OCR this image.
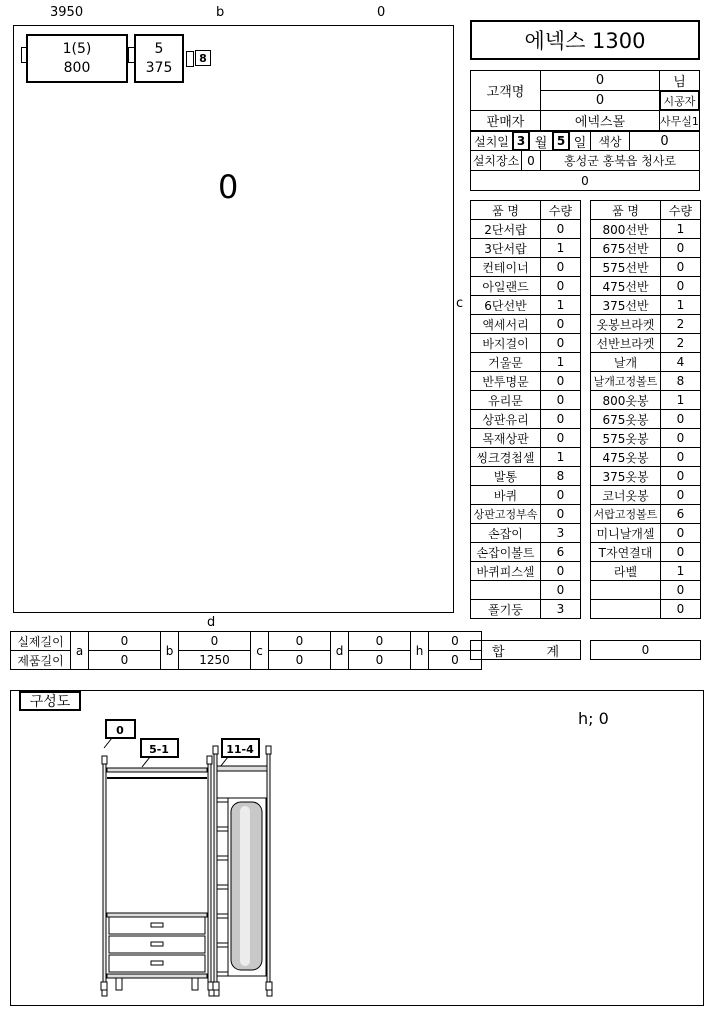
3950	b	0
1(5)
800
5
375
8
0
c
d
실제길이	a	0	b	0	c	0	d	0	h	0
제품길이		0		1250		0		0		0
에넥스 1300
고객명
0	님
0	시공자
판매자	에넥스몰	사무실1
설치일 3 월 5 일	색상	0
설치장소 0	홍성군 홍북읍 청사로
0
품 명	수량
2단서랍	0
3단서랍	1
컨테이너	0
아일랜드	0
6단선반	1
액세서리	0
바지걸이	0
거울문	1
반투명문	0
유리문	0
상판유리	0
목재상판	0
씽크경첩셀	1
발통	8
바퀴	0
상판고정부속	0
손잡이	3
손잡이볼트	6
바퀴피스셀	0
	0
폴기둥	3
품 명	수량
800선반	1
675선반	0
575선반	0
475선반	0
375선반	1
옷봉브라켓	2
선반브라켓	2
날개	4
날개고정볼트	8
800옷봉	1
675옷봉	0
575옷봉	0
475옷봉	0
375옷봉	0
코너옷봉	0
서랍고정볼트	6
미니날개셀	0
T자연결대	0
라벨	1
	0
	0
합	계	0
구성도
h; 0
0
5-1	11-4
